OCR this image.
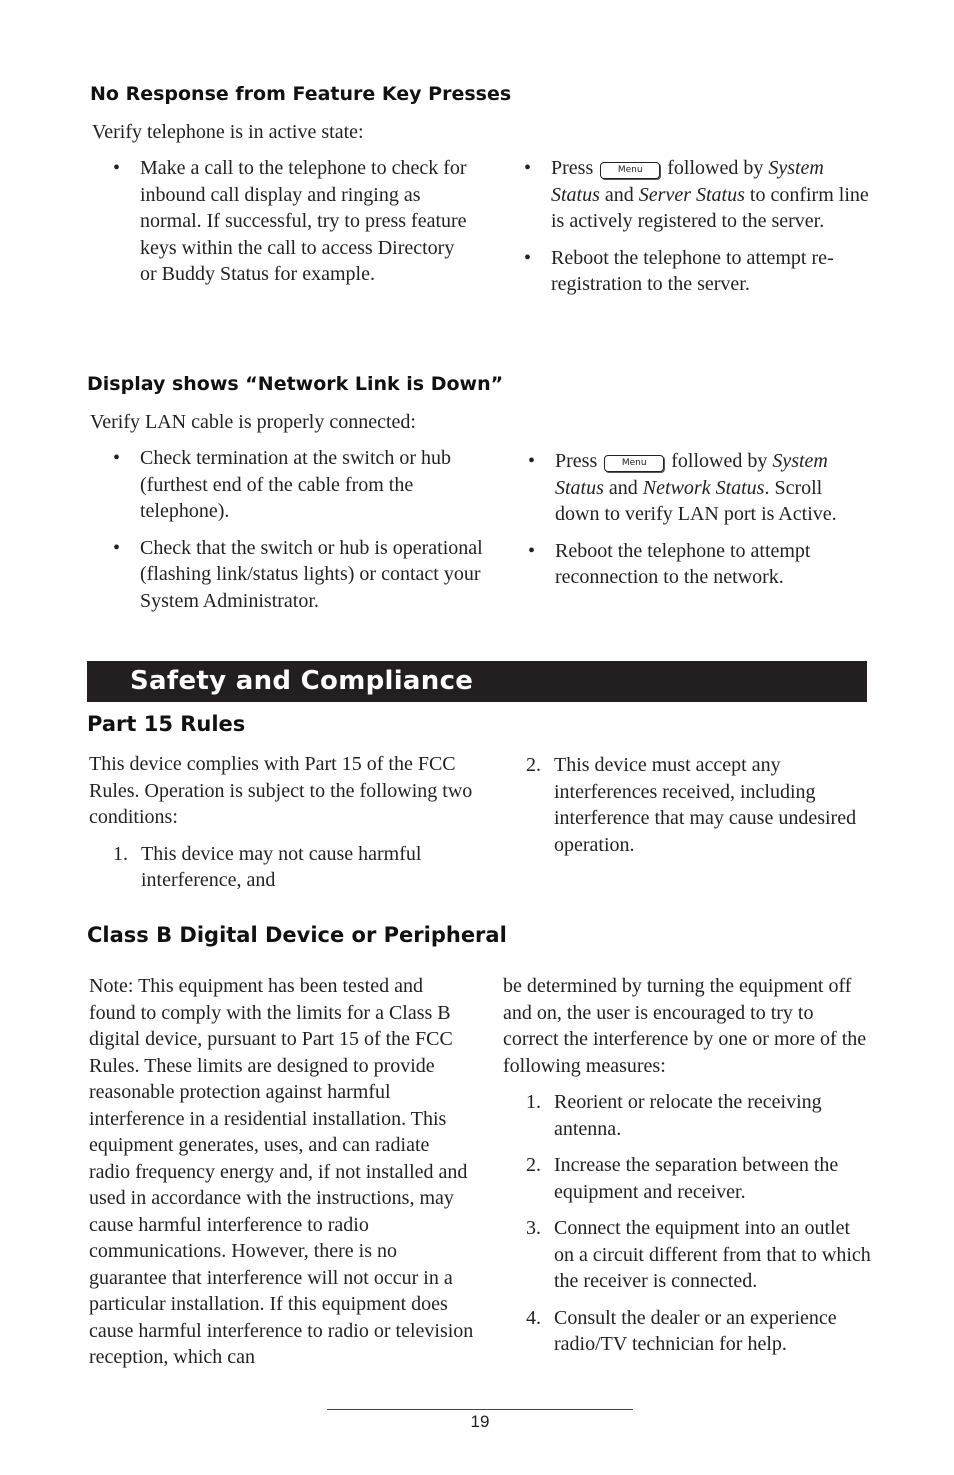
No Response from Feature Key Presses
Verify telephone is in active state:
• Make a call to the telephone to check for inbound call display and ringing as normal. If successful, try to press feature keys within the call to access Directory or Buddy Status for example.
• Press	Menu followed by System Status and Server Status to confirm line is actively registered to the server.
• Reboot the telephone to attempt re-registration to the server.
Display shows “Network Link is Down”
Verify LAN cable is properly connected:
• Check termination at the switch or hub (furthest end of the cable from the telephone).
• Check that the switch or hub is operational (flashing link/status lights) or contact your System Administrator.
• Press	Menu followed by System Status and Network Status. Scroll down to verify LAN port is Active.
• Reboot the telephone to attempt reconnection to the network.
Safety and Compliance
Part 15 Rules

This device complies with Part 15 of the FCC Rules. Operation is subject to the following two conditions:

1. This device may not cause harmful interference, and
2. This device must accept any interferences received, including interference that may cause undesired operation.
Class B Digital Device or Peripheral

Note: This equipment has been tested and found to comply with the limits for a Class B digital device, pursuant to Part 15 of the FCC Rules. These limits are designed to provide reasonable protection against harmful interference in a residential installation. This equipment generates, uses, and can radiate radio frequency energy and, if not installed and used in accordance with the instructions, may cause harmful interference to radio communications. However, there is no guarantee that interference will not occur in a particular installation. If this equipment does cause harmful interference to radio or television reception, which can

be determined by turning the equipment off and on, the user is encouraged to try to correct the interference by one or more of the following measures:

1. Reorient or relocate the receiving antenna.
2. Increase the separation between the equipment and receiver.
3. Connect the equipment into an outlet on a circuit different from that to which the receiver is connected.
4. Consult the dealer or an experience radio/TV technician for help.
19
